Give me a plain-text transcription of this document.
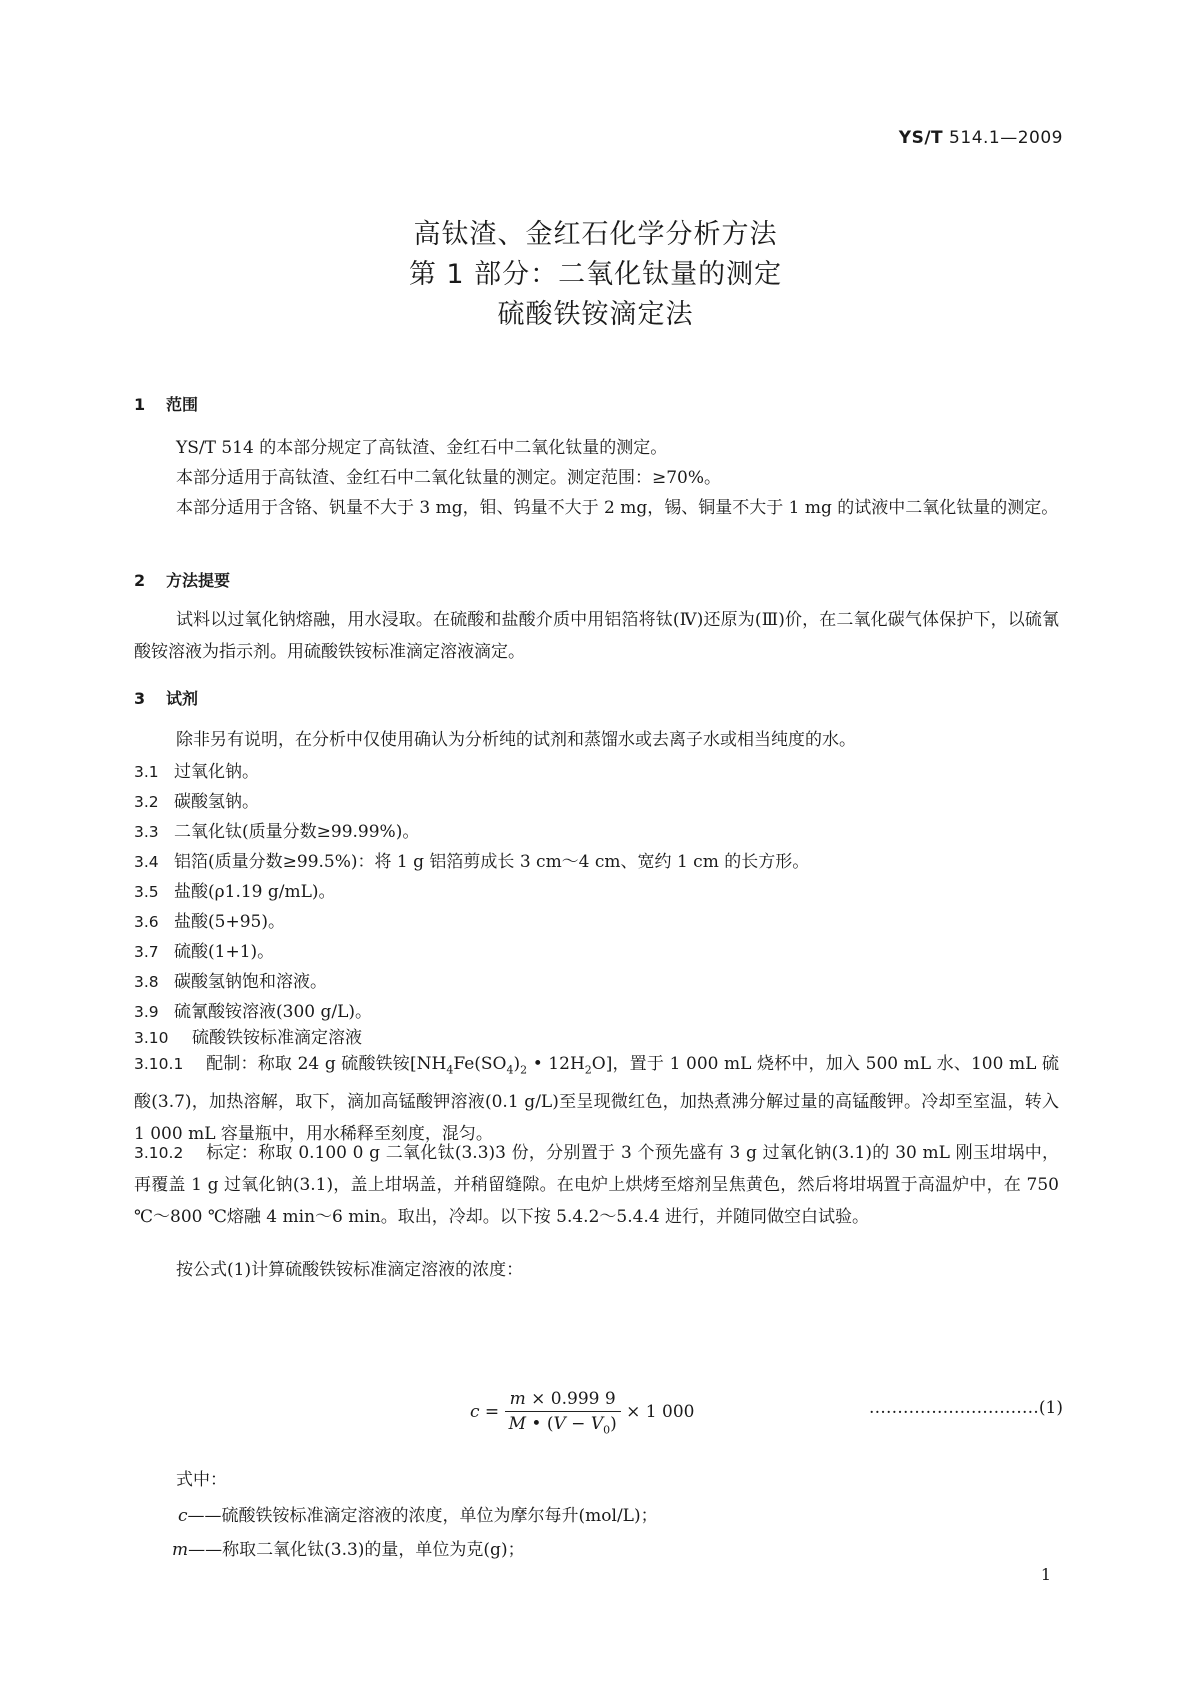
YS/T 514.1—2009
高钛渣、金红石化学分析方法
第 1 部分：二氧化钛量的测定
硫酸铁铵滴定法
1 范围
YS/T 514 的本部分规定了高钛渣、金红石中二氧化钛量的测定。
本部分适用于高钛渣、金红石中二氧化钛量的测定。测定范围：≥70%。
本部分适用于含铬、钒量不大于 3 mg，钼、钨量不大于 2 mg，锡、铜量不大于 1 mg 的试液中二氧化钛量的测定。
2 方法提要
试料以过氧化钠熔融，用水浸取。在硫酸和盐酸介质中用铝箔将钛(Ⅳ)还原为(Ⅲ)价，在二氧化碳气体保护下，以硫氰酸铵溶液为指示剂。用硫酸铁铵标准滴定溶液滴定。
3 试剂
除非另有说明，在分析中仅使用确认为分析纯的试剂和蒸馏水或去离子水或相当纯度的水。
3.1 过氧化钠。
3.2 碳酸氢钠。
3.3 二氧化钛(质量分数≥99.99%)。
3.4 铝箔(质量分数≥99.5%)：将 1 g 铝箔剪成长 3 cm～4 cm、宽约 1 cm 的长方形。
3.5 盐酸(ρ1.19 g/mL)。
3.6 盐酸(5+95)。
3.7 硫酸(1+1)。
3.8 碳酸氢钠饱和溶液。
3.9 硫氰酸铵溶液(300 g/L)。
3.10 硫酸铁铵标准滴定溶液
3.10.1 配制：称取 24 g 硫酸铁铵[$NH_4Fe(SO_4)_2$ • $12H_2O$]，置于 1 000 mL 烧杯中，加入 500 mL 水、100 mL 硫酸(3.7)，加热溶解，取下，滴加高锰酸钾溶液(0.1 g/L)至呈现微红色，加热煮沸分解过量的高锰酸钾。冷却至室温，转入 1 000 mL 容量瓶中，用水稀释至刻度，混匀。
3.10.2 标定：称取 0.100 0 g 二氧化钛(3.3)3 份，分别置于 3 个预先盛有 3 g 过氧化钠(3.1)的 30 mL 刚玉坩埚中，再覆盖 1 g 过氧化钠(3.1)，盖上坩埚盖，并稍留缝隙。在电炉上烘烤至熔剂呈焦黄色，然后将坩埚置于高温炉中，在 750 ℃～800 ℃熔融 4 min～6 min。取出，冷却。以下按 5.4.2～5.4.4 进行，并随同做空白试验。
按公式(1)计算硫酸铁铵标准滴定溶液的浓度：
$c = \frac{m \times 0.999 9}{M • (V - V_0)} \times 1$ 000	…………………………(1)
式中：
c——硫酸铁铵标准滴定溶液的浓度，单位为摩尔每升(mol/L)；
m——称取二氧化钛(3.3)的量，单位为克(g)；
1
